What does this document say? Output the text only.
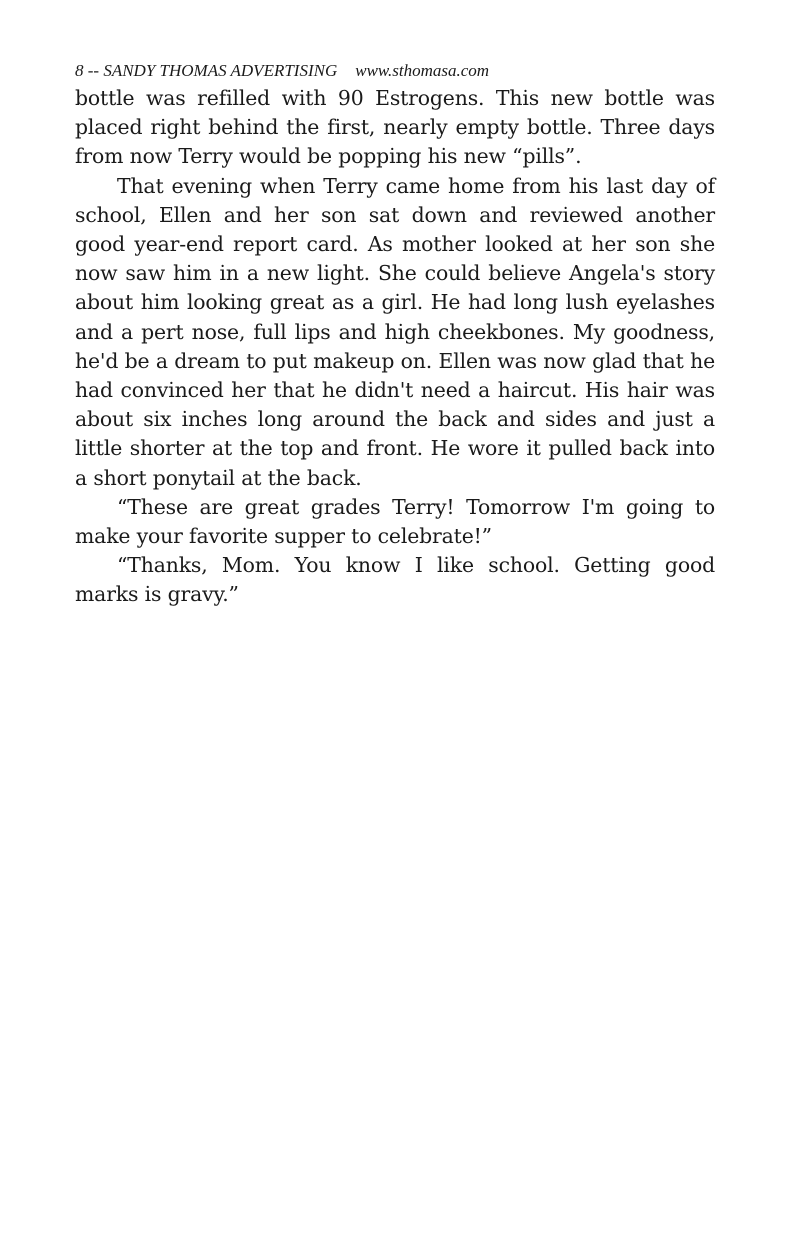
8 -- SANDY THOMAS ADVERTISING www.sthomasa.com

bottle was refilled with 90 Estrogens. This new bottle was placed right behind the first, nearly empty bottle. Three days from now Terry would be popping his new “pills”.

That evening when Terry came home from his last day of school, Ellen and her son sat down and reviewed another good year-end report card. As mother looked at her son she now saw him in a new light. She could believe Angela's story about him looking great as a girl. He had long lush eyelashes and a pert nose, full lips and high cheekbones. My goodness, he'd be a dream to put makeup on. Ellen was now glad that he had convinced her that he didn't need a haircut. His hair was about six inches long around the back and sides and just a little shorter at the top and front. He wore it pulled back into a short ponytail at the back.

“These are great grades Terry! Tomorrow I'm going to make your favorite supper to celebrate!”

“Thanks, Mom. You know I like school. Getting good marks is gravy.”
